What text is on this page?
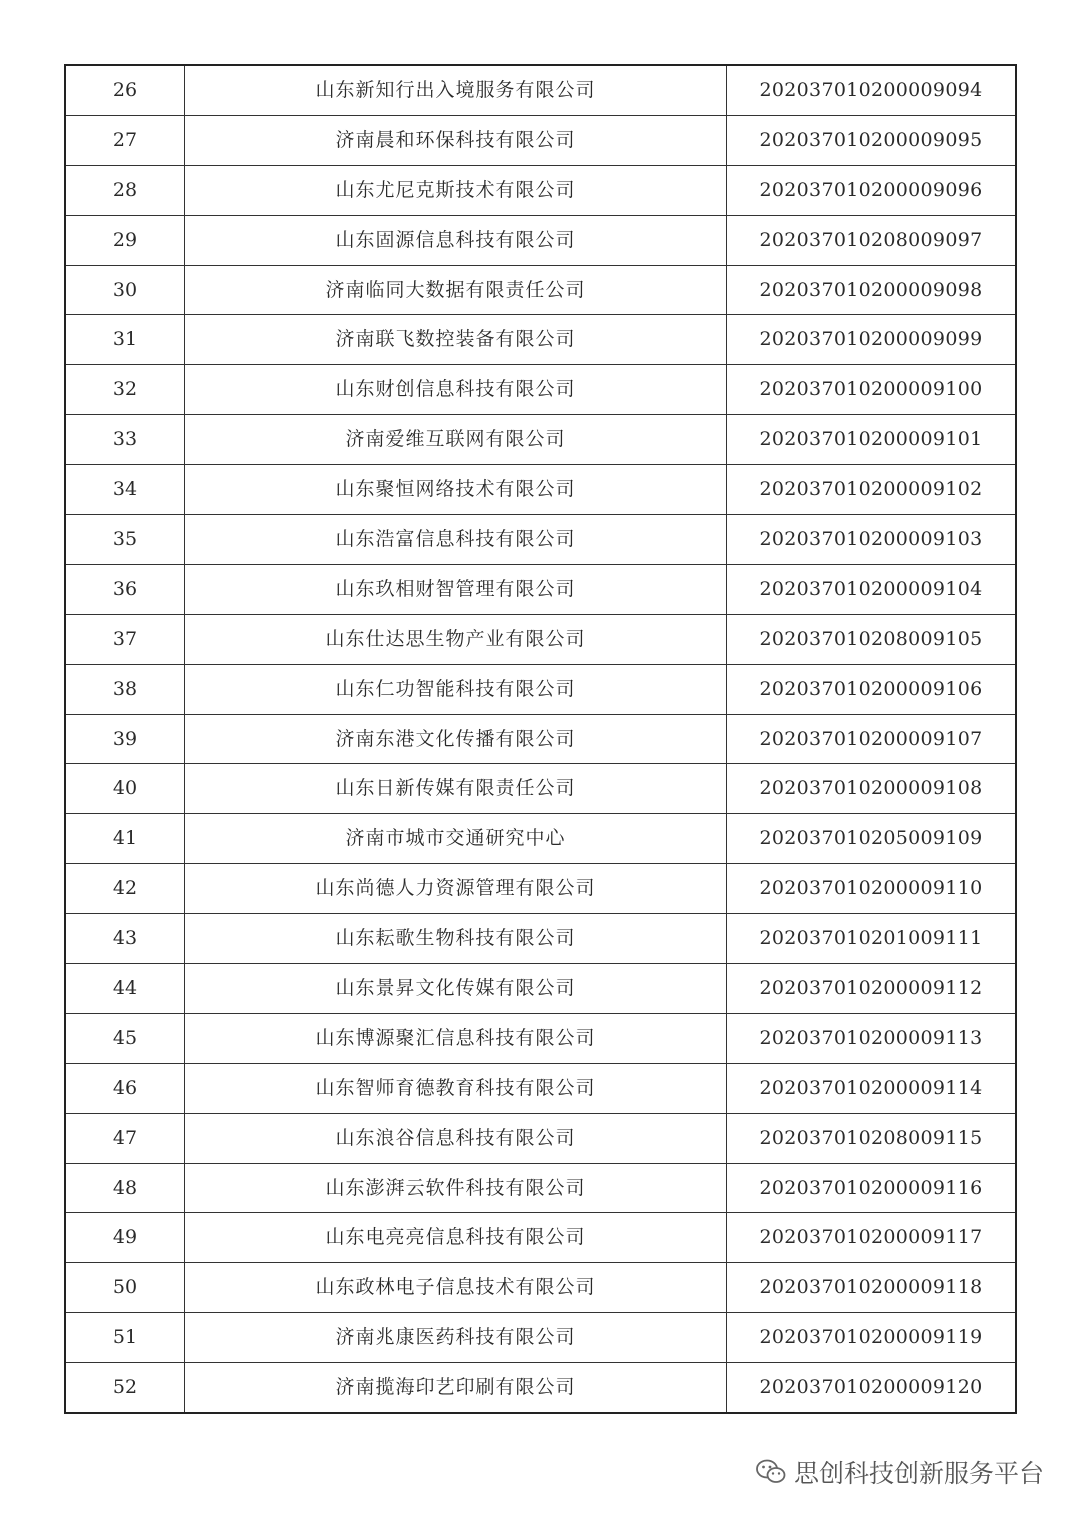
26	山东新知行出入境服务有限公司	202037010200009094
27	济南晨和环保科技有限公司	202037010200009095
28	山东尤尼克斯技术有限公司	202037010200009096
29	山东固源信息科技有限公司	202037010208009097
30	济南临同大数据有限责任公司	202037010200009098
31	济南联飞数控装备有限公司	202037010200009099
32	山东财创信息科技有限公司	202037010200009100
33	济南爱维互联网有限公司	202037010200009101
34	山东聚恒网络技术有限公司	202037010200009102
35	山东浩富信息科技有限公司	202037010200009103
36	山东玖相财智管理有限公司	202037010200009104
37	山东仕达思生物产业有限公司	202037010208009105
38	山东仁功智能科技有限公司	202037010200009106
39	济南东港文化传播有限公司	202037010200009107
40	山东日新传媒有限责任公司	202037010200009108
41	济南市城市交通研究中心	202037010205009109
42	山东尚德人力资源管理有限公司	202037010200009110
43	山东耘歌生物科技有限公司	202037010201009111
44	山东景昇文化传媒有限公司	202037010200009112
45	山东博源聚汇信息科技有限公司	202037010200009113
46	山东智师育德教育科技有限公司	202037010200009114
47	山东浪谷信息科技有限公司	202037010208009115
48	山东澎湃云软件科技有限公司	202037010200009116
49	山东电亮亮信息科技有限公司	202037010200009117
50	山东政林电子信息技术有限公司	202037010200009118
51	济南兆康医药科技有限公司	202037010200009119
52	济南揽海印艺印刷有限公司	202037010200009120
思创科技创新服务平台
